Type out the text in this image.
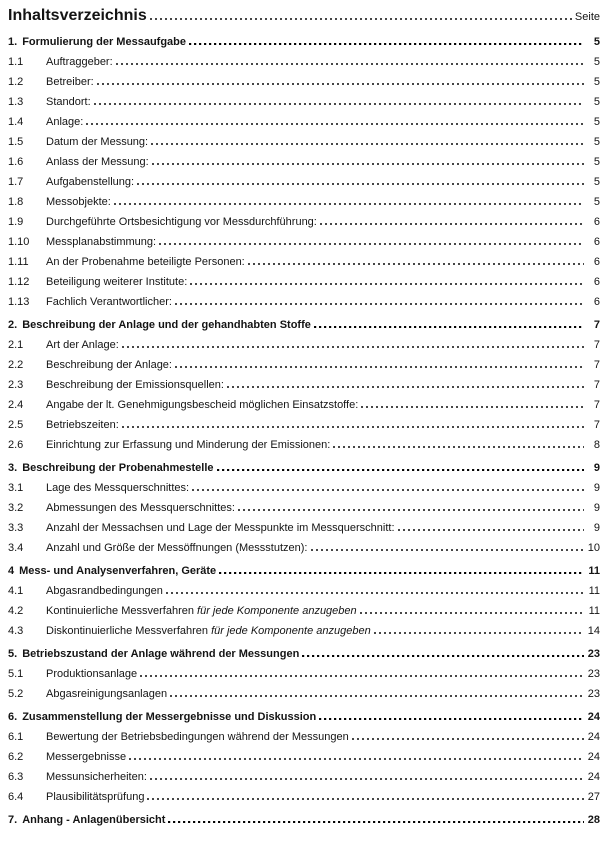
Inhaltsverzeichnis	Seite
1. Formulierung der Messaufgabe	5
1.1	Auftraggeber:	5
1.2	Betreiber:	5
1.3	Standort:	5
1.4	Anlage:	5
1.5	Datum der Messung:	5
1.6	Anlass der Messung:	5
1.7	Aufgabenstellung:	5
1.8	Messobjekte:	5
1.9	Durchgeführte Ortsbesichtigung vor Messdurchführung:	6
1.10	Messplanabstimmung:	6
1.11	An der Probenahme beteiligte Personen:	6
1.12	Beteiligung weiterer Institute:	6
1.13	Fachlich Verantwortlicher:	6
2. Beschreibung der Anlage und der gehandhabten Stoffe	7
2.1	Art der Anlage:	7
2.2	Beschreibung der Anlage:	7
2.3	Beschreibung der Emissionsquellen:	7
2.4	Angabe der lt. Genehmigungsbescheid möglichen Einsatzstoffe:	7
2.5	Betriebszeiten:	7
2.6	Einrichtung zur Erfassung und Minderung der Emissionen:	8
3. Beschreibung der Probenahmestelle	9
3.1	Lage des Messquerschnittes:	9
3.2	Abmessungen des Messquerschnittes:	9
3.3	Anzahl der Messachsen und Lage der Messpunkte im Messquerschnitt:	9
3.4	Anzahl und Größe der Messöffnungen (Messstutzen):	10
4 Mess- und Analysenverfahren, Geräte	11
4.1	Abgasrandbedingungen	11
4.2	Kontinuierliche Messverfahren für jede Komponente anzugeben	11
4.3	Diskontinuierliche Messverfahren für jede Komponente anzugeben	14
5. Betriebszustand der Anlage während der Messungen	23
5.1	Produktionsanlage	23
5.2	Abgasreinigungsanlagen	23
6. Zusammenstellung der Messergebnisse und Diskussion	24
6.1	Bewertung der Betriebsbedingungen während der Messungen	24
6.2	Messergebnisse	24
6.3	Messunsicherheiten:	24
6.4	Plausibilitätsprüfung	27
7. Anhang - Anlagenübersicht	28
